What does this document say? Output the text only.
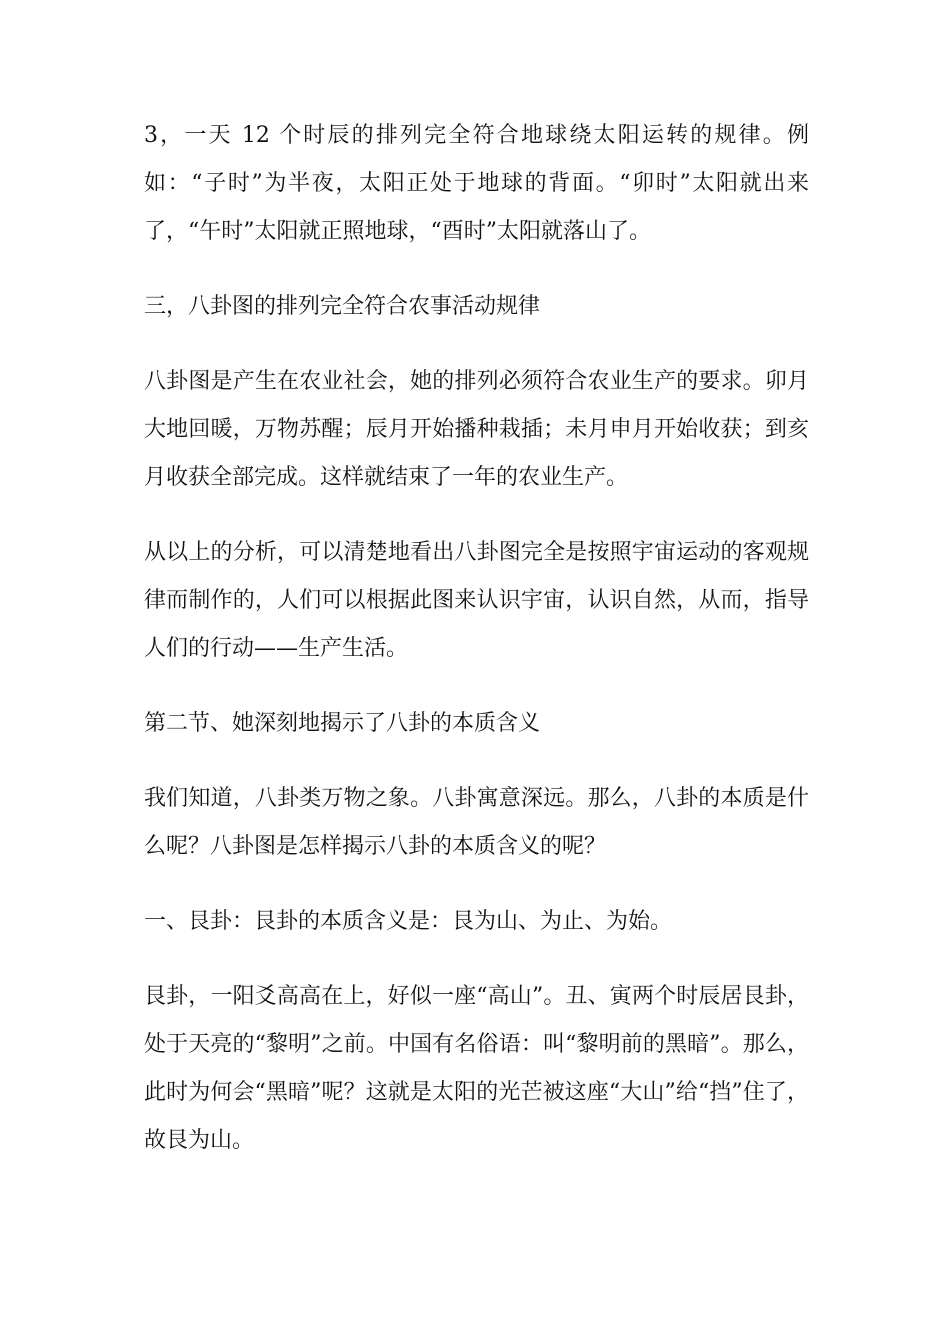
3，一天 12 个时辰的排列完全符合地球绕太阳运转的规律。例如：“子时”为半夜，太阳正处于地球的背面。“卯时”太阳就出来了，“午时”太阳就正照地球，“酉时”太阳就落山了。

三，八卦图的排列完全符合农事活动规律

八卦图是产生在农业社会，她的排列必须符合农业生产的要求。卯月大地回暖，万物苏醒；辰月开始播种栽插；未月申月开始收获；到亥月收获全部完成。这样就结束了一年的农业生产。

从以上的分析，可以清楚地看出八卦图完全是按照宇宙运动的客观规律而制作的，人们可以根据此图来认识宇宙，认识自然，从而，指导人们的行动——生产生活。

第二节、她深刻地揭示了八卦的本质含义

我们知道，八卦类万物之象。八卦寓意深远。那么，八卦的本质是什么呢？八卦图是怎样揭示八卦的本质含义的呢？

一、艮卦：艮卦的本质含义是：艮为山、为止、为始。

艮卦，一阳爻高高在上，好似一座“高山”。丑、寅两个时辰居艮卦，处于天亮的“黎明”之前。中国有名俗语：叫“黎明前的黑暗”。那么，此时为何会“黑暗”呢？这就是太阳的光芒被这座“大山”给“挡”住了，故艮为山。
